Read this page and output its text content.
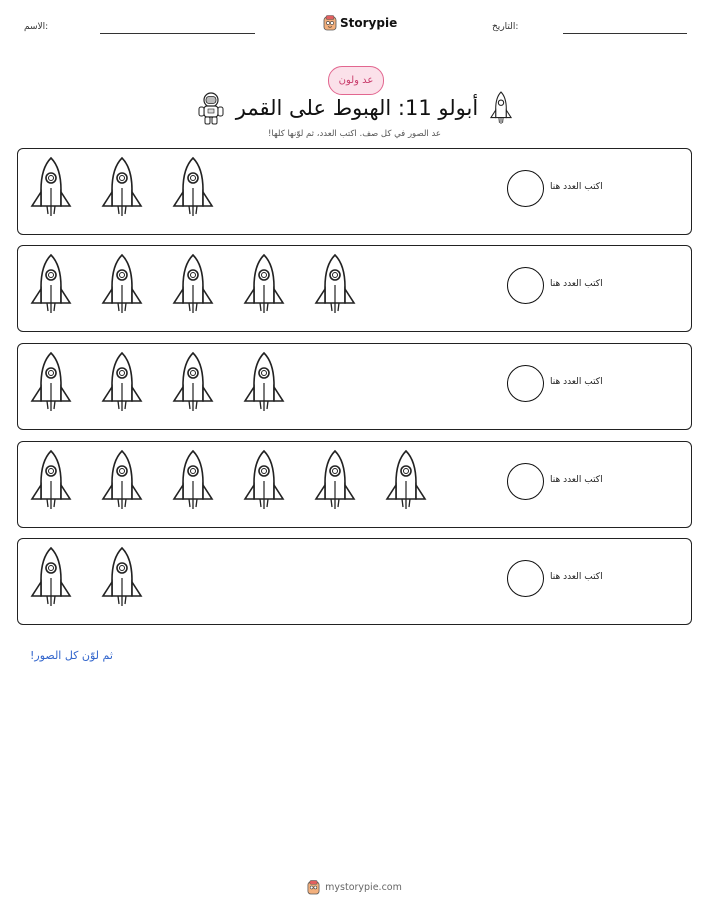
الاسم:	Storypie	التاريخ:
عد ولون
أبولو 11: الهبوط على القمر
عد الصور في كل صف. اكتب العدد، ثم لوّنها كلها!
اكتب العدد هنا
اكتب العدد هنا
اكتب العدد هنا
اكتب العدد هنا
اكتب العدد هنا
ثم لوّن كل الصور!
mystorypie.com
